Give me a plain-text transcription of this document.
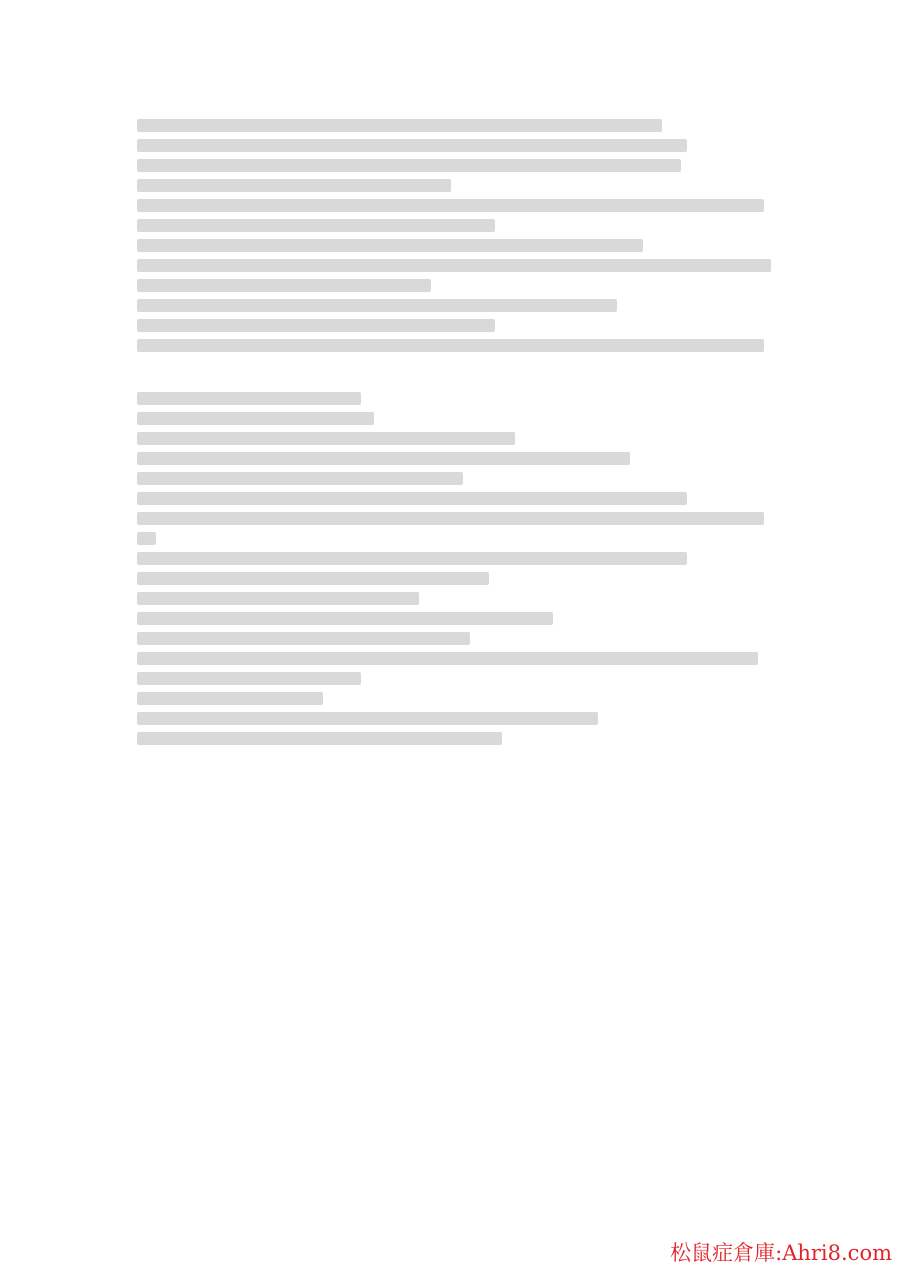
松鼠症倉庫:Ahri8.com
